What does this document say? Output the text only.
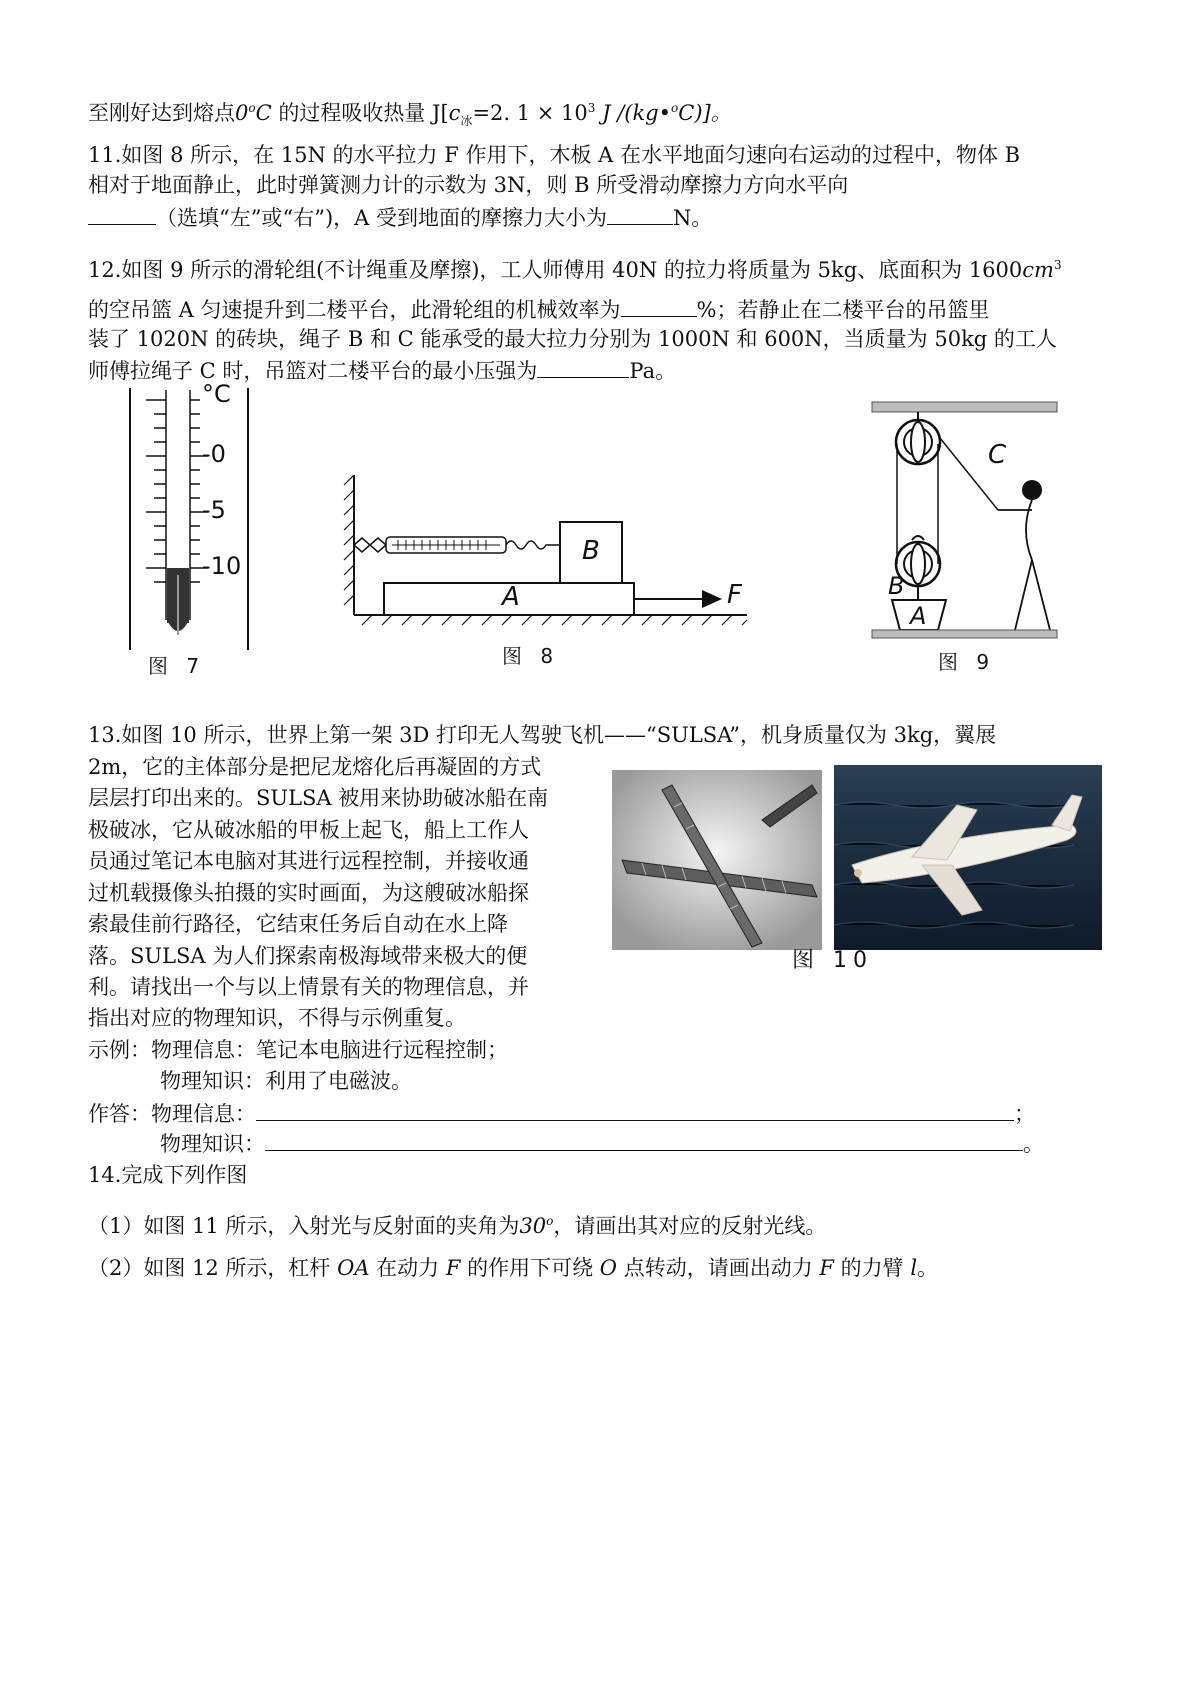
至刚好达到熔点0$^o$C 的过程吸收热量 $J[c_冰=2$. $1 \times 10^3$ J /(kg•$^o$C)]。
11.如图 8 所示，在 15N 的水平拉力 F 作用下，木板 A 在水平地面匀速向右运动的过程中，物体 B
相对于地面静止，此时弹簧测力计的示数为 3N，则 B 所受滑动摩擦力方向水平向
（选填“左”或“右”)，A 受到地面的摩擦力大小为	N。
12.如图 9 所示的滑轮组(不计绳重及摩擦)，工人师傅用 40N 的拉力将质量为 5kg、底面积为 $1600cm^3$
的空吊篮 A 匀速提升到二楼平台，此滑轮组的机械效率为	%；若静止在二楼平台的吊篮里
装了 1020N 的砖块，绳子 B 和 C 能承受的最大拉力分别为 1000N 和 600N，当质量为 50kg 的工人
师傅拉绳子 C 时，吊篮对二楼平台的最小压强为	Pa。
°C
-0
-5
-10
图 7
B
A	F
图 8
C
B
A
图 9
13.如图 10 所示，世界上第一架 3D 打印无人驾驶飞机——“SULSA”，机身质量仅为 3kg，翼展
2m，它的主体部分是把尼龙熔化后再凝固的方式
层层打印出来的。SULSA 被用来协助破冰船在南
极破冰，它从破冰船的甲板上起飞，船上工作人
员通过笔记本电脑对其进行远程控制，并接收通
过机载摄像头拍摄的实时画面，为这艘破冰船探
索最佳前行路径，它结束任务后自动在水上降
落。SULSA 为人们探索南极海域带来极大的便
利。请找出一个与以上情景有关的物理信息，并
指出对应的物理知识，不得与示例重复。
图 10
示例：物理信息：笔记本电脑进行远程控制；
物理知识：利用了电磁波。
作答：物理信息：	；
物理知识：	。
14.完成下列作图
（1）如图 11 所示，入射光与反射面的夹角为30$^o$，请画出其对应的反射光线。
（2）如图 12 所示，杠杆 OA 在动力 F 的作用下可绕 O 点转动，请画出动力 F 的力臂 l。
